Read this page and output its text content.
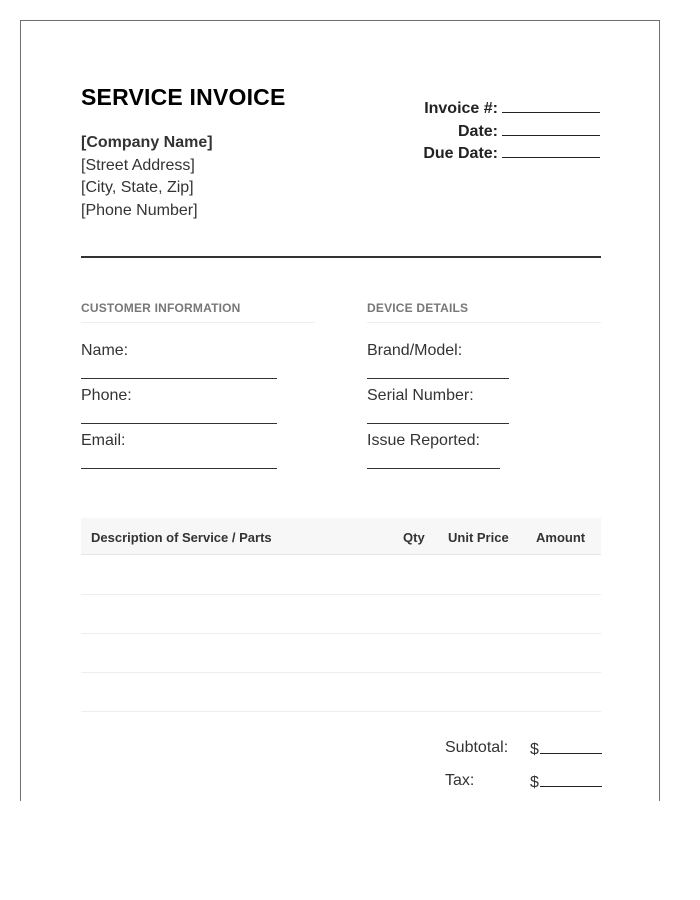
SERVICE INVOICE
[Company Name]
[Street Address]
[City, State, Zip]
[Phone Number]
Invoice #:
Date:
Due Date:
CUSTOMER INFORMATION
Name:
Phone:
Email:
DEVICE DETAILS
Brand/Model:
Serial Number:
Issue Reported:
Description of Service / Parts	Qty Unit Price Amount
Subtotal: $
Tax:	$
